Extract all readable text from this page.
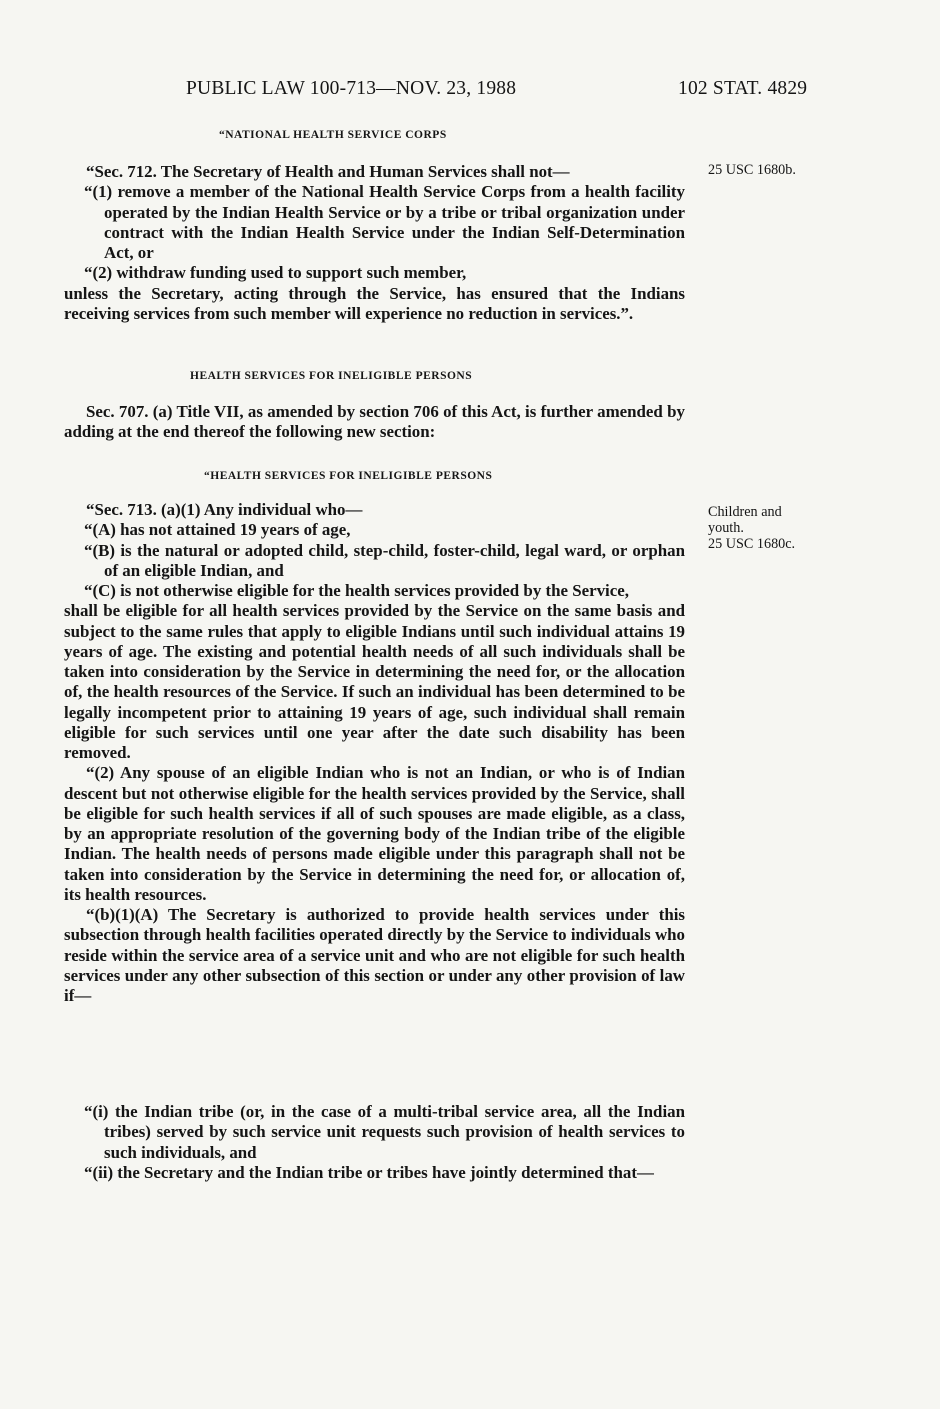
PUBLIC LAW 100-713—NOV. 23, 1988	102 STAT. 4829
“NATIONAL HEALTH SERVICE CORPS
25 USC 1680b.

“Sec. 712. The Secretary of Health and Human Services shall not—

“(1) remove a member of the National Health Service Corps from a health facility operated by the Indian Health Service or by a tribe or tribal organization under contract with the Indian Health Service under the Indian Self-Determination Act, or

“(2) withdraw funding used to support such member,

unless the Secretary, acting through the Service, has ensured that the Indians receiving services from such member will experience no reduction in services.”.

HEALTH SERVICES FOR INELIGIBLE PERSONS

Sec. 707. (a) Title VII, as amended by section 706 of this Act, is further amended by adding at the end thereof the following new section:

“HEALTH SERVICES FOR INELIGIBLE PERSONS
Children and
youth.
25 USC 1680c.

“Sec. 713. (a)(1) Any individual who—

“(A) has not attained 19 years of age,

“(B) is the natural or adopted child, step-child, foster-child, legal ward, or orphan of an eligible Indian, and

“(C) is not otherwise eligible for the health services provided by the Service,

shall be eligible for all health services provided by the Service on the same basis and subject to the same rules that apply to eligible Indians until such individual attains 19 years of age. The existing and potential health needs of all such individuals shall be taken into consideration by the Service in determining the need for, or the allocation of, the health resources of the Service. If such an individual has been determined to be legally incompetent prior to attaining 19 years of age, such individual shall remain eligible for such services until one year after the date such disability has been removed.

“(2) Any spouse of an eligible Indian who is not an Indian, or who is of Indian descent but not otherwise eligible for the health services provided by the Service, shall be eligible for such health services if all of such spouses are made eligible, as a class, by an appropriate resolution of the governing body of the Indian tribe of the eligible Indian. The health needs of persons made eligible under this paragraph shall not be taken into consideration by the Service in determining the need for, or allocation of, its health resources.

“(b)(1)(A) The Secretary is authorized to provide health services under this subsection through health facilities operated directly by the Service to individuals who reside within the service area of a service unit and who are not eligible for such health services under any other subsection of this section or under any other provision of law if—

“(i) the Indian tribe (or, in the case of a multi-tribal service area, all the Indian tribes) served by such service unit requests such provision of health services to such individuals, and

“(ii) the Secretary and the Indian tribe or tribes have jointly determined that—
